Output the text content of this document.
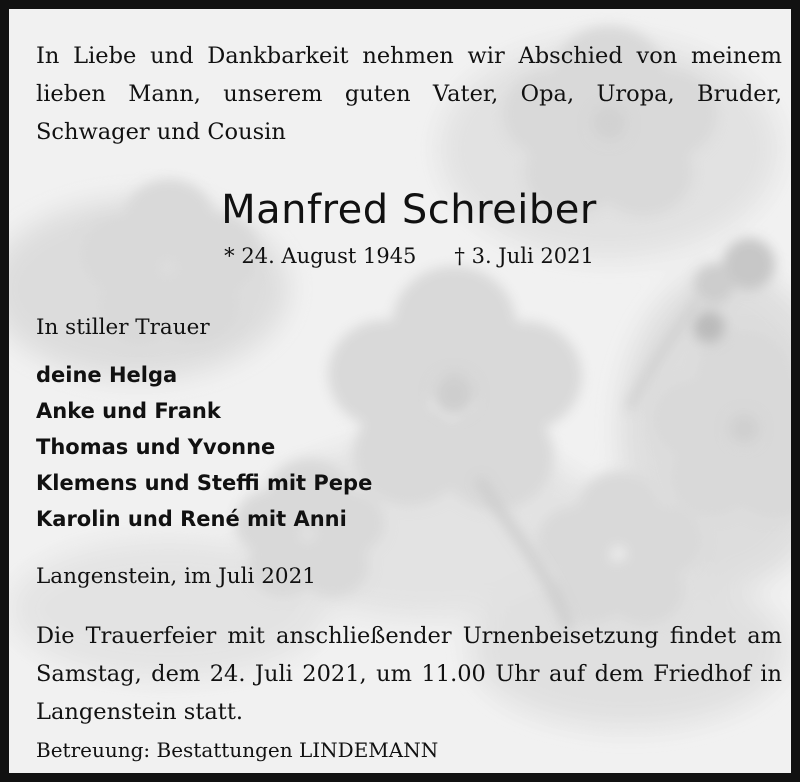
In Liebe und Dankbarkeit nehmen wir Abschied von meinem lieben Mann, unserem guten Vater, Opa, Uropa, Bruder, Schwager und Cousin

Manfred Schreiber
* 24. August 1945 † 3. Juli 2021
In stiller Trauer
deine Helga
Anke und Frank
Thomas und Yvonne
Klemens und Steffi mit Pepe
Karolin und René mit Anni
Langenstein, im Juli 2021

Die Trauerfeier mit anschließender Urnenbeisetzung findet am Samstag, dem 24. Juli 2021, um 11.00 Uhr auf dem Friedhof in Langenstein statt.

Betreuung: Bestattungen LINDEMANN
